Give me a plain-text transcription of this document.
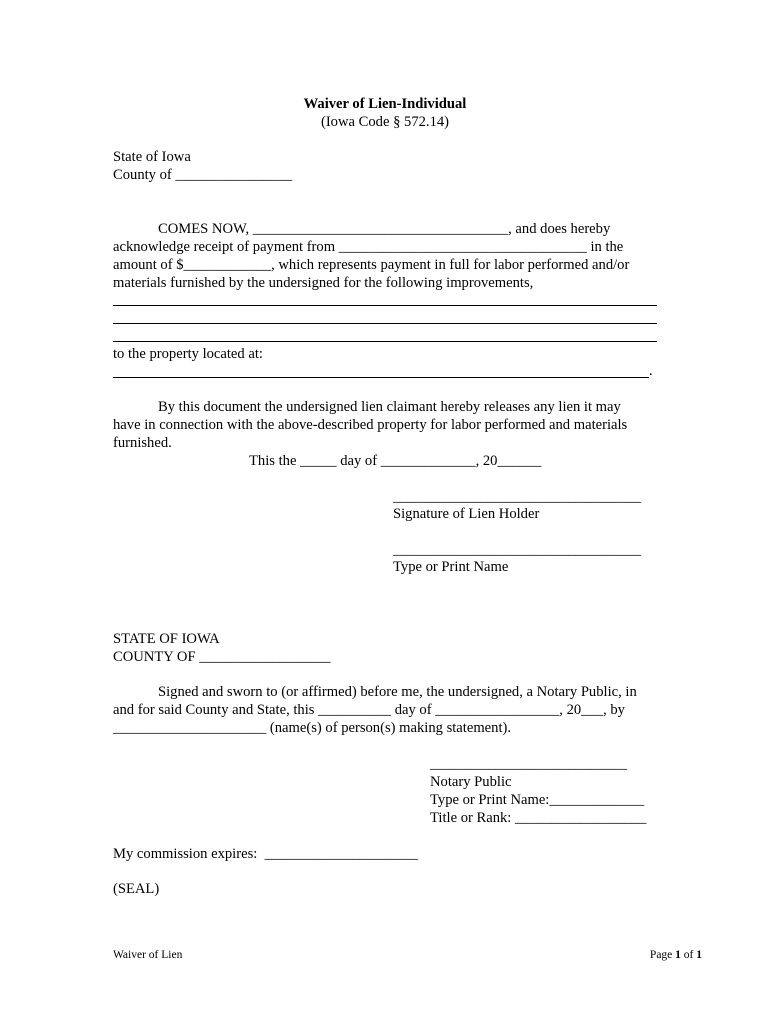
Waiver of Lien-Individual
(Iowa Code § 572.14)
State of Iowa
County of ________________
COMES NOW, ___________________________________, and does hereby
acknowledge receipt of payment from __________________________________ in the
amount of $____________, which represents payment in full for labor performed and/or
materials furnished by the undersigned for the following improvements,
to the property located at:
.
By this document the undersigned lien claimant hereby releases any lien it may
have in connection with the above-described property for labor performed and materials
furnished.
This the _____ day of _____________, 20______
__________________________________
Signature of Lien Holder
__________________________________
Type or Print Name
STATE OF IOWA
COUNTY OF __________________
Signed and sworn to (or affirmed) before me, the undersigned, a Notary Public, in
and for said County and State, this __________ day of _________________, 20___, by
_____________________ (name(s) of person(s) making statement).
___________________________
Notary Public
Type or Print Name:_____________
Title or Rank: __________________
My commission expires:  _____________________
(SEAL)
Waiver of Lien	Page 1 of 1
